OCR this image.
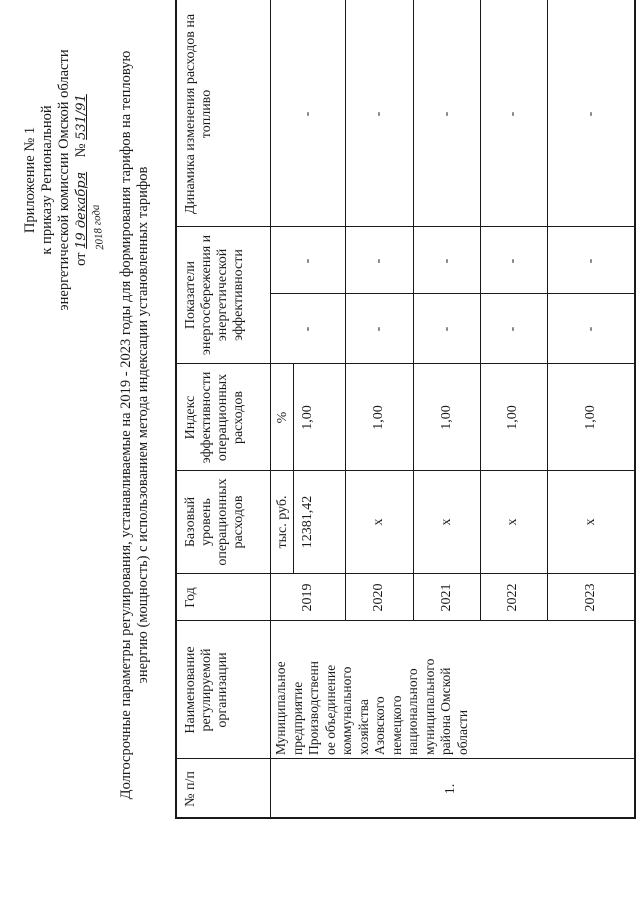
Приложение № 1 к приказу Региональной энергетической комиссии Омской области от 19 декабря    № 531/91
2018 года Долгосрочные параметры регулирования, устанавливаемые на 2019 - 2023 годы для формирования тарифов на тепловую энергию (мощность) с использованием метода индексации установленных тарифов
№ п/п
Наименование регулируемой организации
Год
Базовый уровень операционных расходов
Индекс эффективности операционных расходов
Показатели энергосбережения и энергетической эффективности
Динамика изменения расходов на топливо
тыс. руб.
%
1.
Муниципальное предприятие Производственн ое объединение коммунального хозяйства Азовского немецкого национального муниципального района Омской области
2019
12381,42
1,00
-
-
-
2020
х
1,00
-
-
-
2021
х
1,00
-
-
-
2022
х
1,00
-
-
-
2023
х
1,00
-
-
-
